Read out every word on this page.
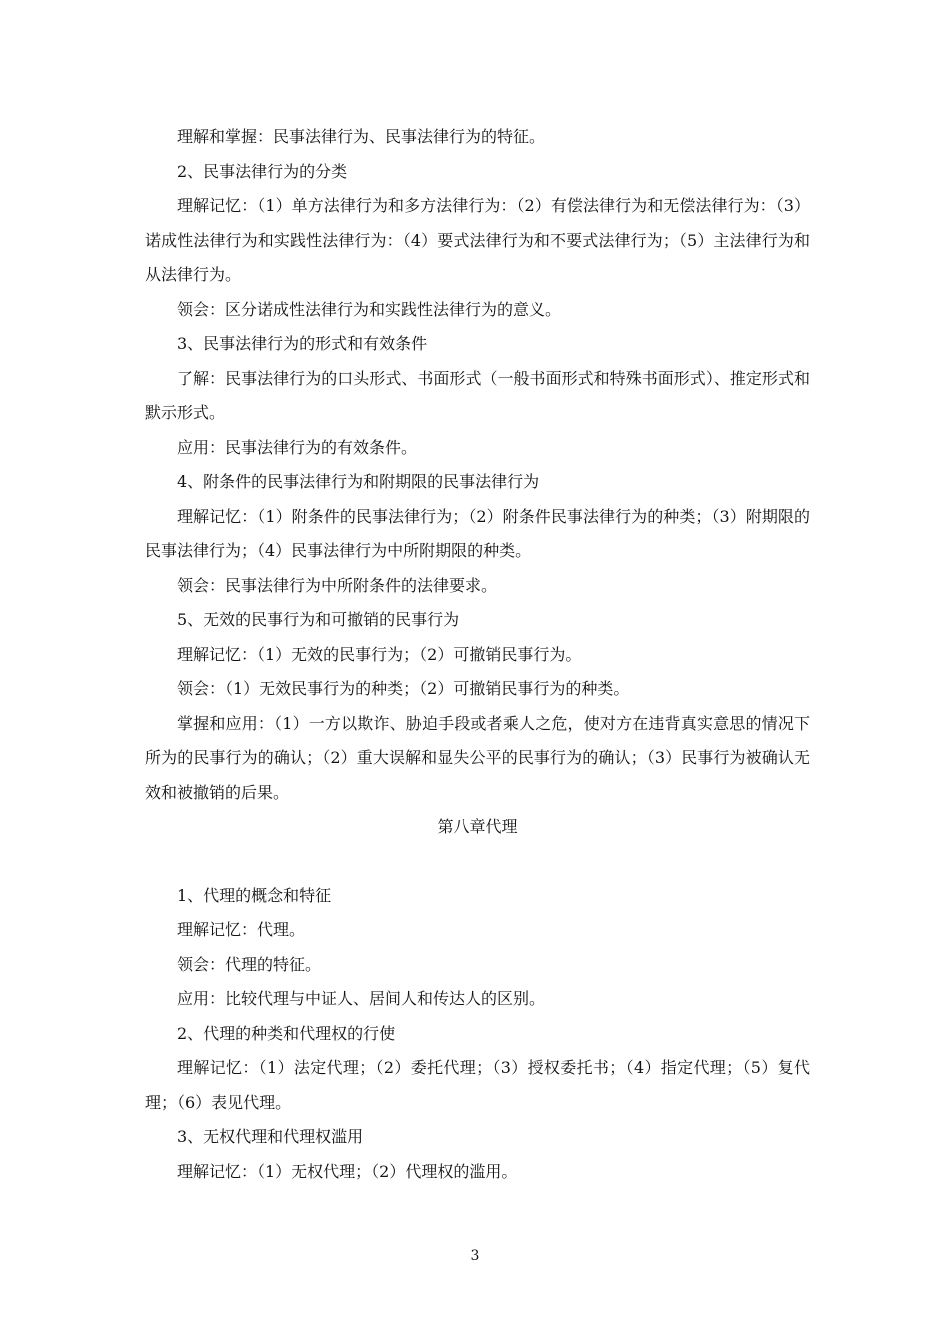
理解和掌握：民事法律行为、民事法律行为的特征。

2、民事法律行为的分类

理解记忆：（1）单方法律行为和多方法律行为：（2）有偿法律行为和无偿法律行为：（3）诺成性法律行为和实践性法律行为：（4）要式法律行为和不要式法律行为；（5）主法律行为和从法律行为。

领会：区分诺成性法律行为和实践性法律行为的意义。

3、民事法律行为的形式和有效条件

了解：民事法律行为的口头形式、书面形式（一般书面形式和特殊书面形式）、推定形式和默示形式。

应用：民事法律行为的有效条件。

4、附条件的民事法律行为和附期限的民事法律行为

理解记忆：（1）附条件的民事法律行为；（2）附条件民事法律行为的种类；（3）附期限的民事法律行为；（4）民事法律行为中所附期限的种类。

领会：民事法律行为中所附条件的法律要求。

5、无效的民事行为和可撤销的民事行为

理解记忆：（1）无效的民事行为；（2）可撤销民事行为。

领会：（1）无效民事行为的种类；（2）可撤销民事行为的种类。

掌握和应用：（1）一方以欺诈、胁迫手段或者乘人之危，使对方在违背真实意思的情况下所为的民事行为的确认；（2）重大误解和显失公平的民事行为的确认；（3）民事行为被确认无效和被撤销的后果。

第八章代理

1、代理的概念和特征

理解记忆：代理。

领会：代理的特征。

应用：比较代理与中证人、居间人和传达人的区别。

2、代理的种类和代理权的行使

理解记忆：（1）法定代理；（2）委托代理；（3）授权委托书；（4）指定代理；（5）复代理；（6）表见代理。

3、无权代理和代理权滥用

理解记忆：（1）无权代理；（2）代理权的滥用。

3
